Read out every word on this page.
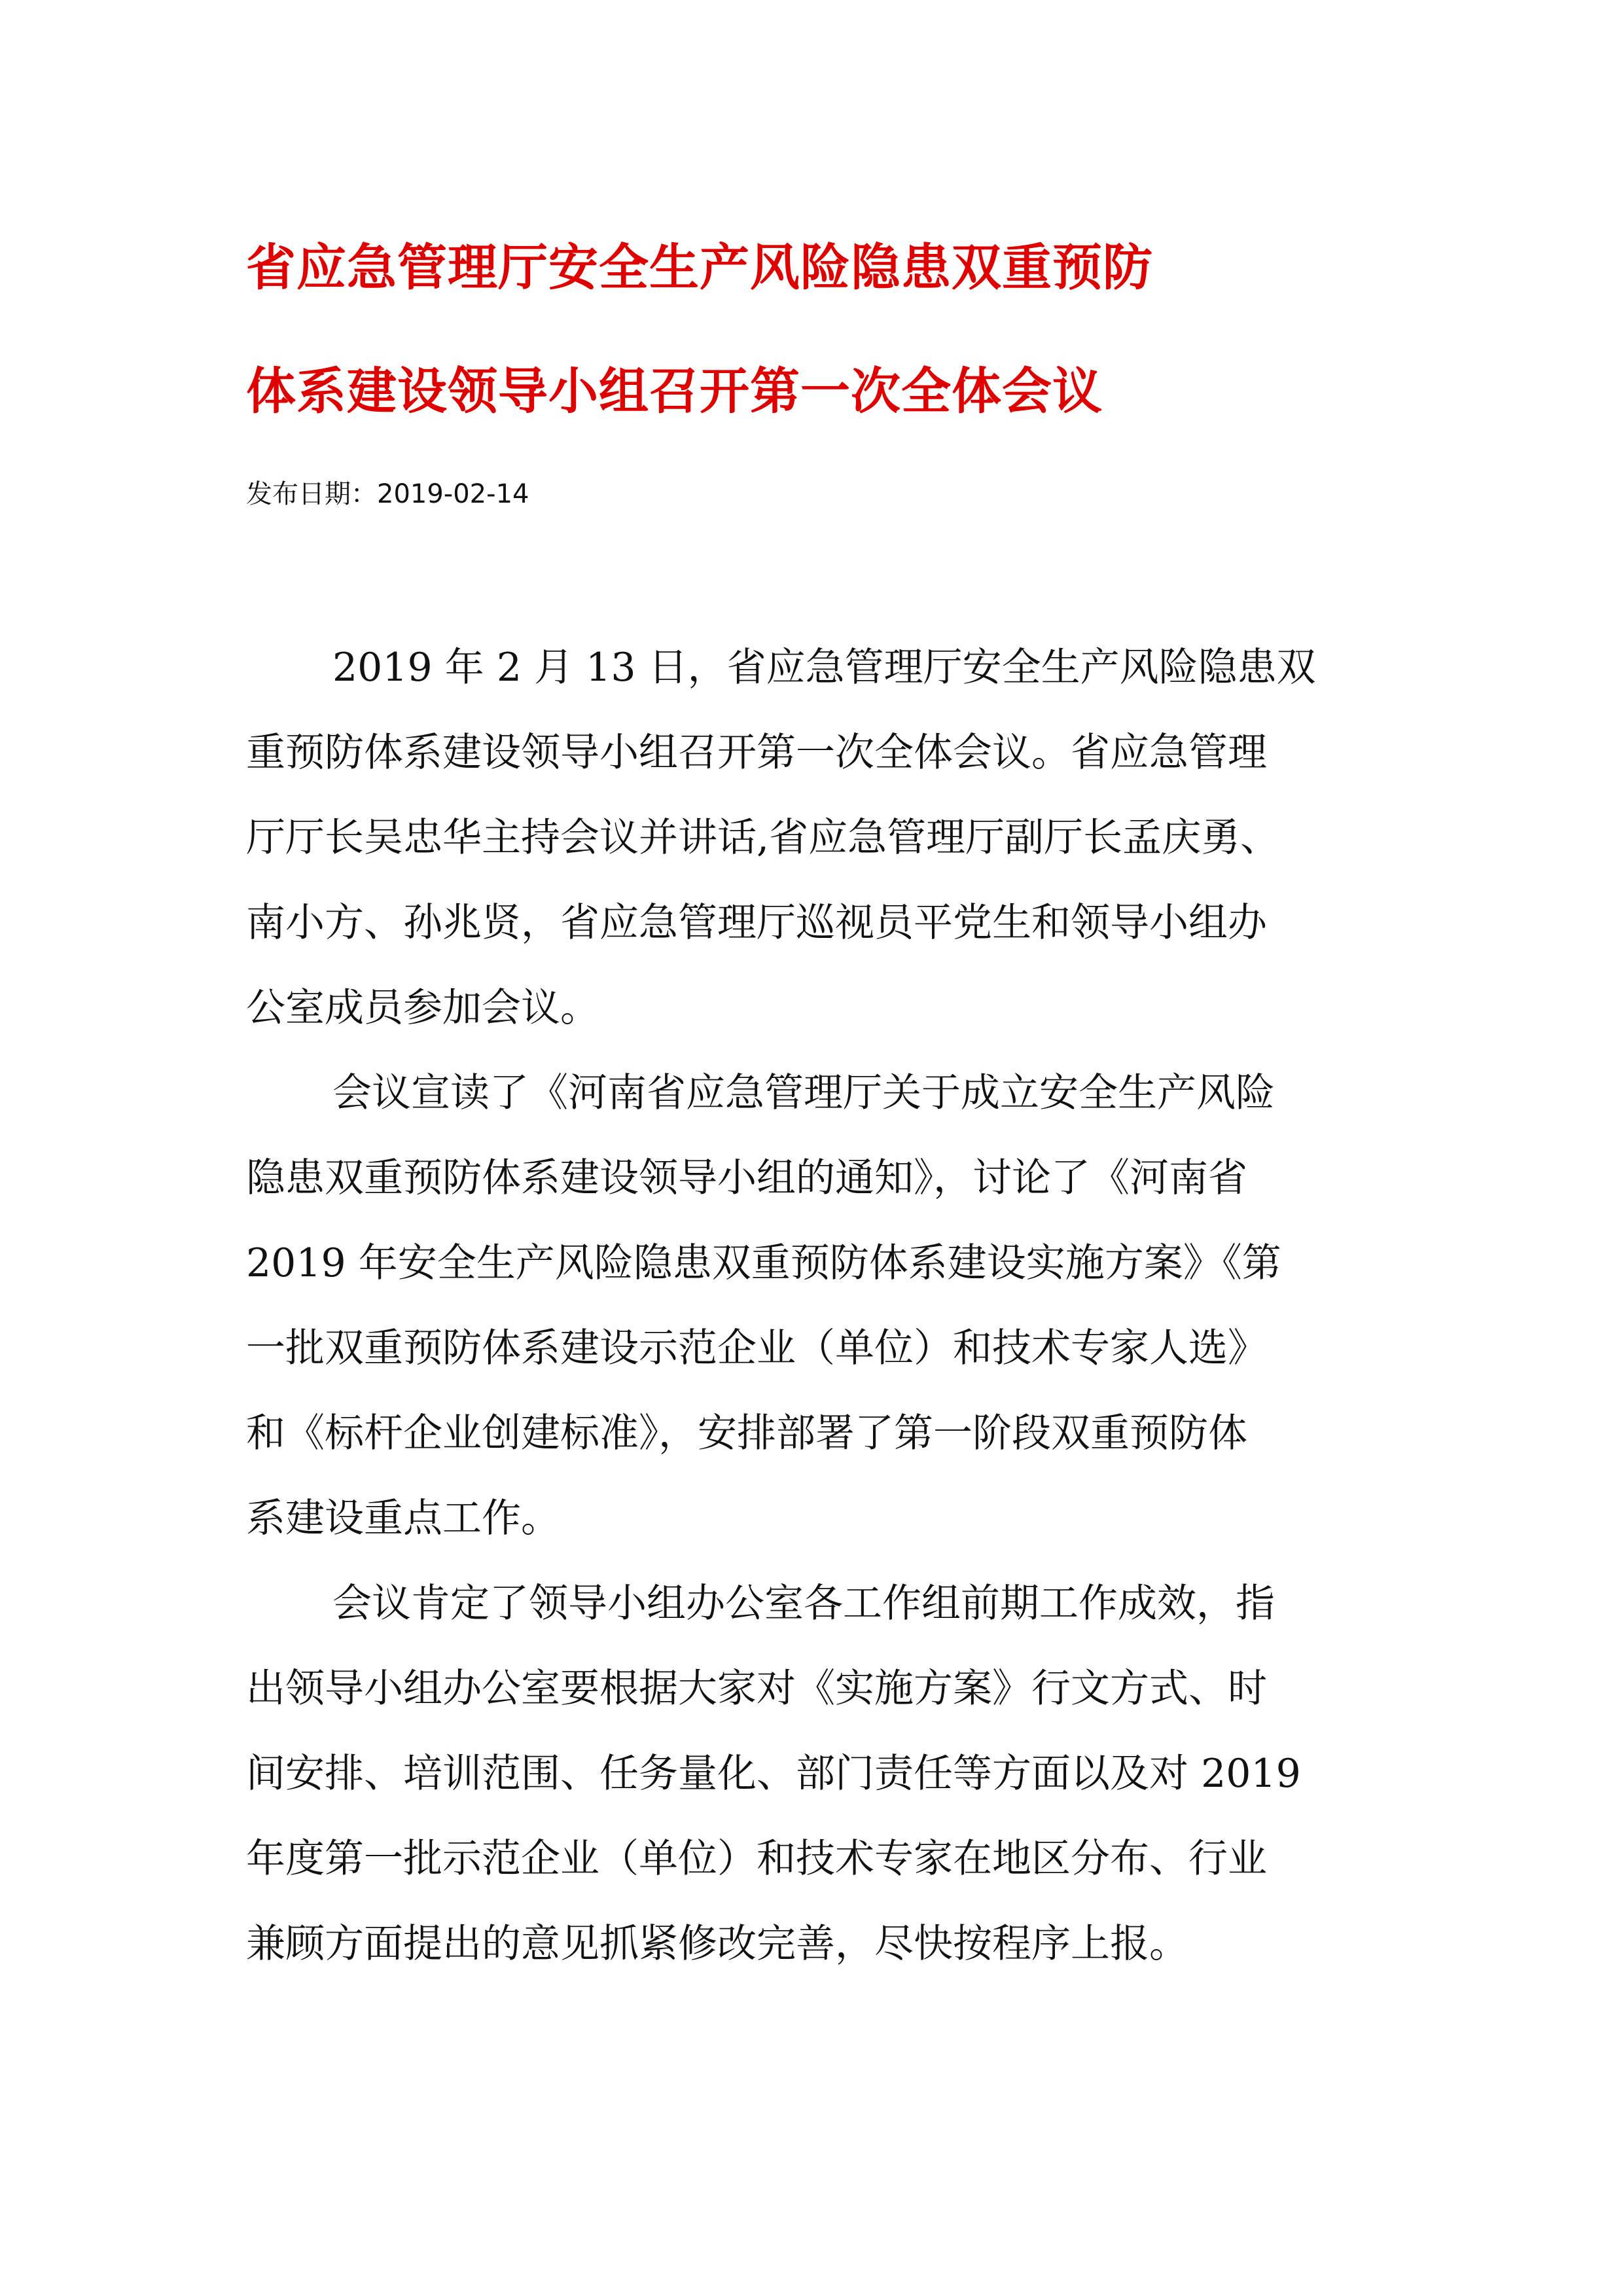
省应急管理厅安全生产风险隐患双重预防
体系建设领导小组召开第一次全体会议
发布日期：2019-02-14
2019 年 2 月 13 日，省应急管理厅安全生产风险隐患双
重预防体系建设领导小组召开第一次全体会议。省应急管理
厅厅长吴忠华主持会议并讲话,省应急管理厅副厅长孟庆勇、
南小方、孙兆贤，省应急管理厅巡视员平党生和领导小组办
公室成员参加会议。
会议宣读了《河南省应急管理厅关于成立安全生产风险
隐患双重预防体系建设领导小组的通知》，讨论了《河南省
2019 年安全生产风险隐患双重预防体系建设实施方案》《第
一批双重预防体系建设示范企业（单位）和技术专家人选》
和《标杆企业创建标准》，安排部署了第一阶段双重预防体
系建设重点工作。
会议肯定了领导小组办公室各工作组前期工作成效，指
出领导小组办公室要根据大家对《实施方案》行文方式、时
间安排、培训范围、任务量化、部门责任等方面以及对 2019
年度第一批示范企业（单位）和技术专家在地区分布、行业
兼顾方面提出的意见抓紧修改完善，尽快按程序上报。
